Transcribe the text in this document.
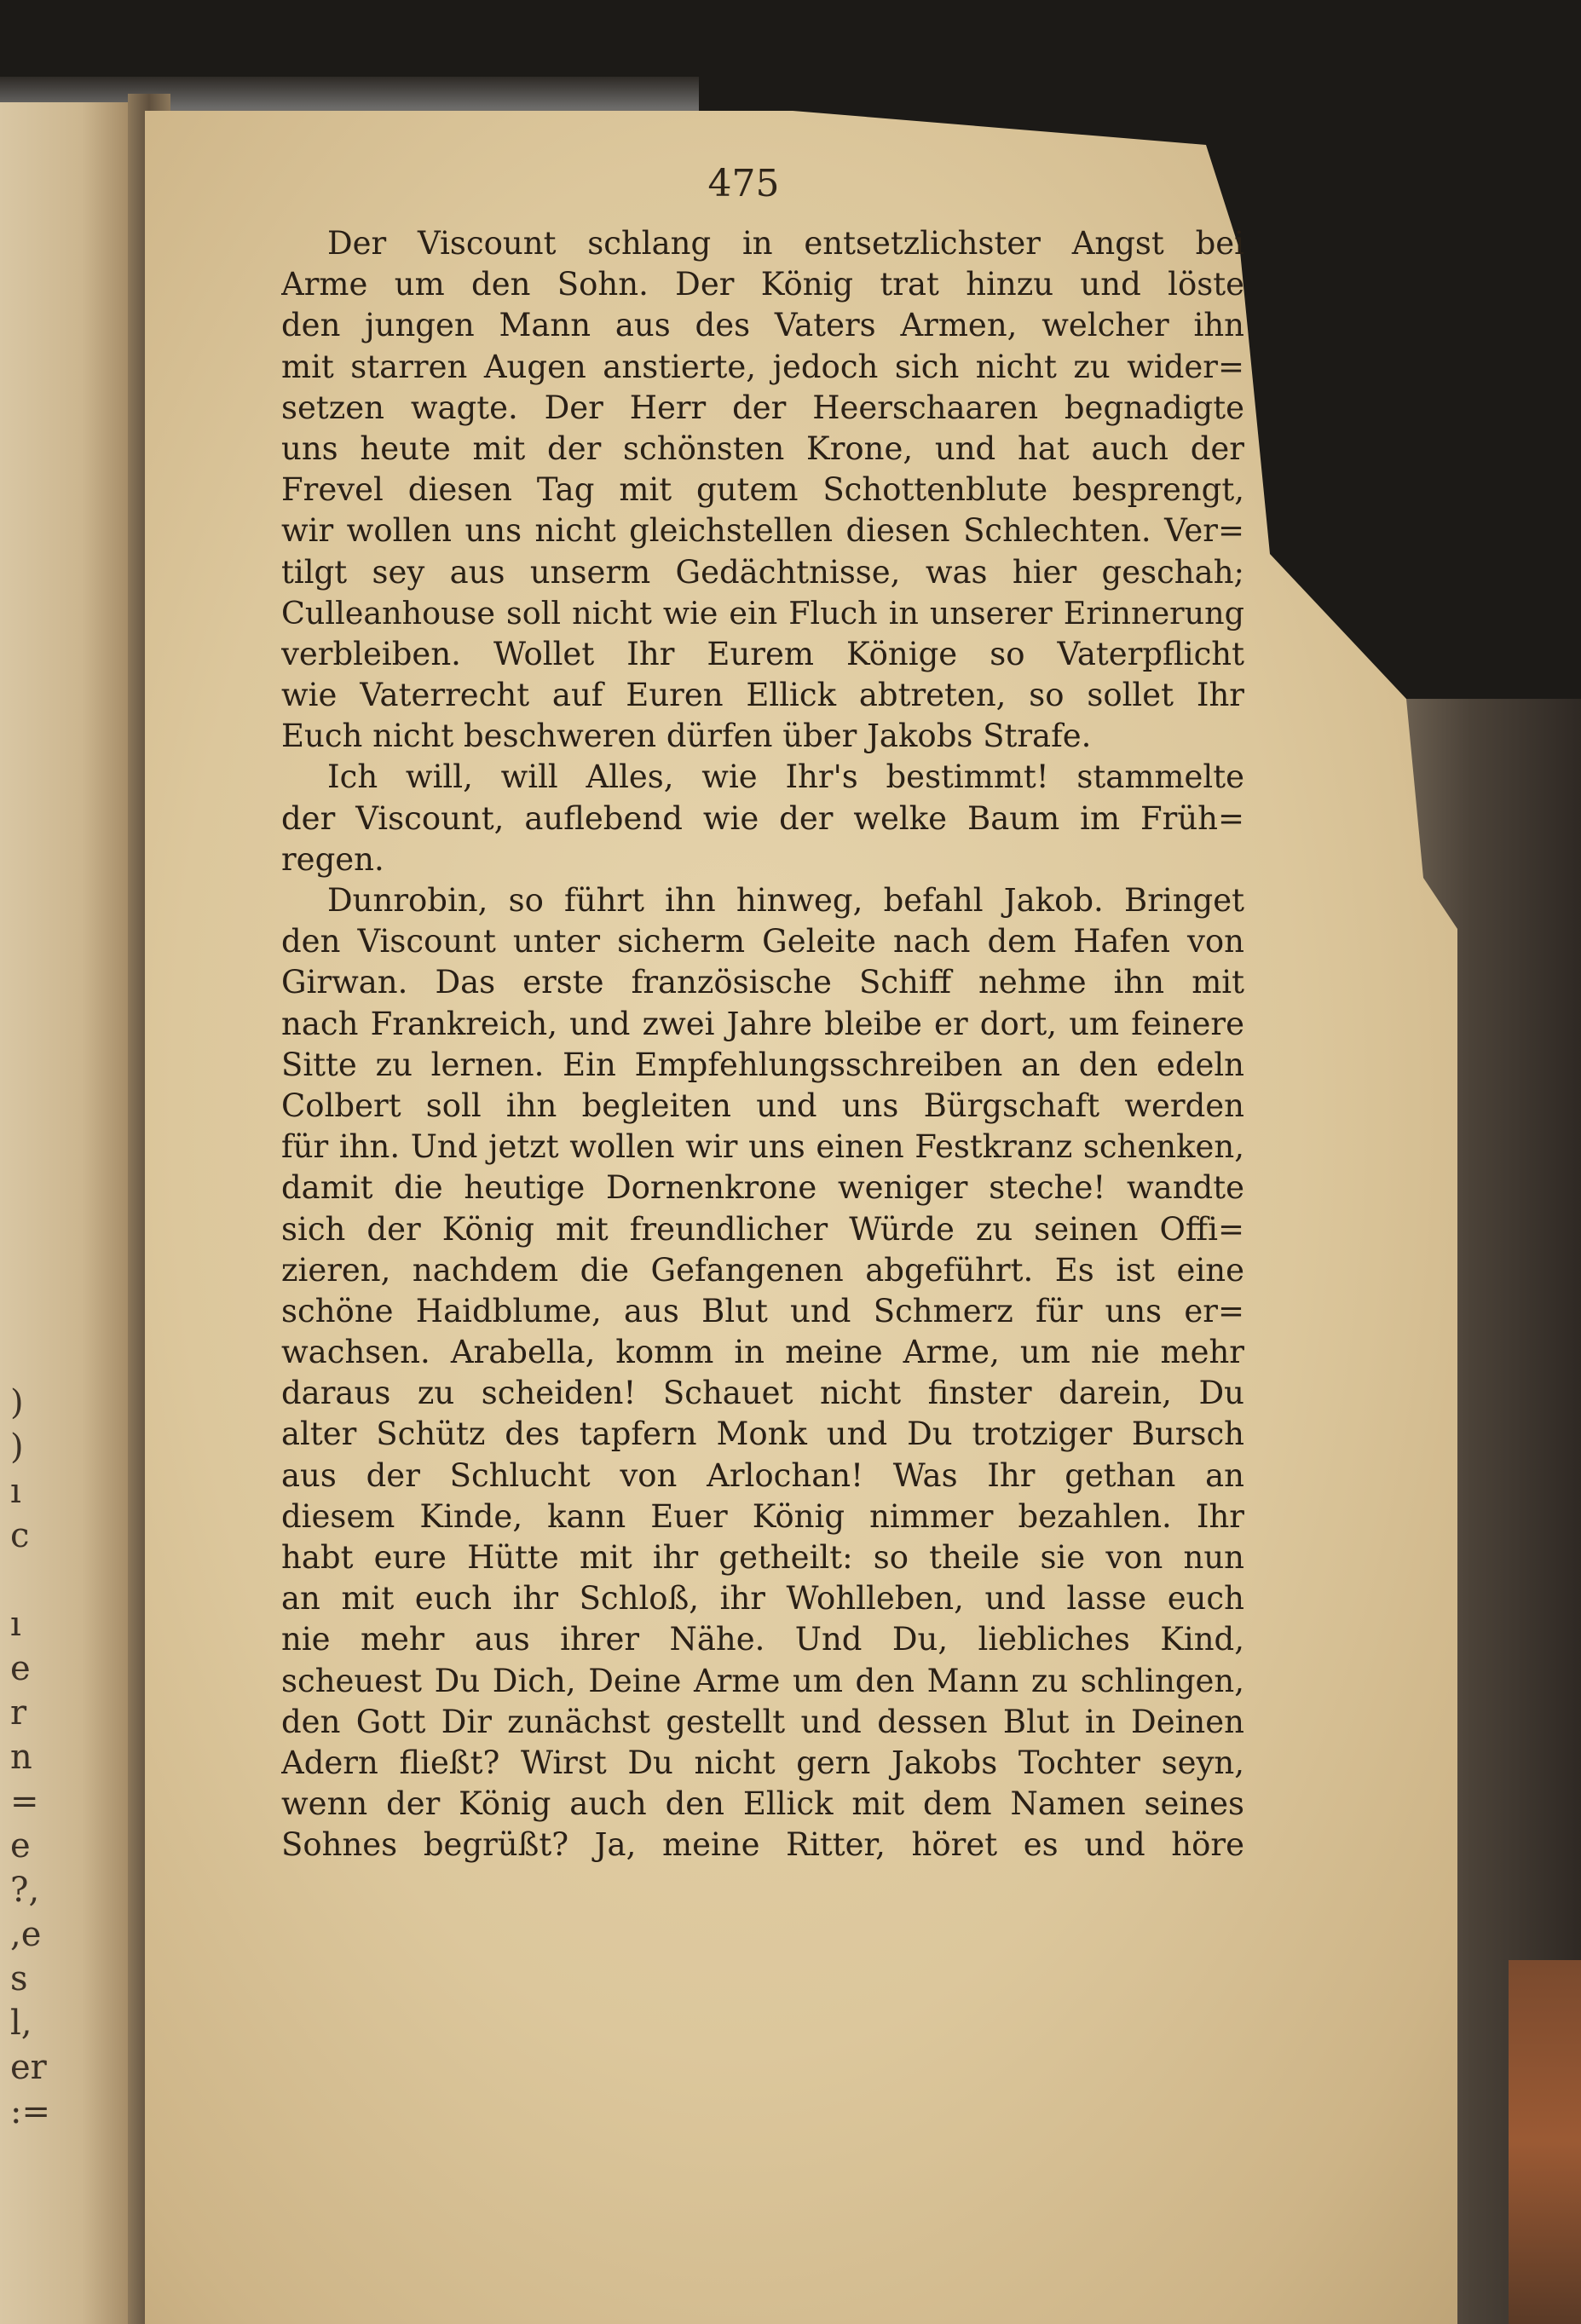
)
)
ı
c

ı
e
r
n
=
e
?,
,e
s
l,
er
:=
475
Der Viscount schlang in entsetzlichster Angst bei
Arme um den Sohn. Der König trat hinzu und löste
den jungen Mann aus des Vaters Armen, welcher ihn
mit starren Augen anstierte, jedoch sich nicht zu wider=
setzen wagte. Der Herr der Heerschaaren begnadigte
uns heute mit der schönsten Krone, und hat auch der
Frevel diesen Tag mit gutem Schottenblute besprengt,
wir wollen uns nicht gleichstellen diesen Schlechten. Ver=
tilgt sey aus unserm Gedächtnisse, was hier geschah;
Culleanhouse soll nicht wie ein Fluch in unserer Erinnerung
verbleiben. Wollet Ihr Eurem Könige so Vaterpflicht
wie Vaterrecht auf Euren Ellick abtreten, so sollet Ihr
Euch nicht beschweren dürfen über Jakobs Strafe.
Ich will, will Alles, wie Ihr's bestimmt! stammelte
der Viscount, auflebend wie der welke Baum im Früh=
regen.
Dunrobin, so führt ihn hinweg, befahl Jakob. Bringet
den Viscount unter sicherm Geleite nach dem Hafen von
Girwan. Das erste französische Schiff nehme ihn mit
nach Frankreich, und zwei Jahre bleibe er dort, um feinere
Sitte zu lernen. Ein Empfehlungsschreiben an den edeln
Colbert soll ihn begleiten und uns Bürgschaft werden
für ihn. Und jetzt wollen wir uns einen Festkranz schenken,
damit die heutige Dornenkrone weniger steche! wandte
sich der König mit freundlicher Würde zu seinen Offi=
zieren, nachdem die Gefangenen abgeführt. Es ist eine
schöne Haidblume, aus Blut und Schmerz für uns er=
wachsen. Arabella, komm in meine Arme, um nie mehr
daraus zu scheiden! Schauet nicht finster darein, Du
alter Schütz des tapfern Monk und Du trotziger Bursch
aus der Schlucht von Arlochan! Was Ihr gethan an
diesem Kinde, kann Euer König nimmer bezahlen. Ihr
habt eure Hütte mit ihr getheilt: so theile sie von nun
an mit euch ihr Schloß, ihr Wohlleben, und lasse euch
nie mehr aus ihrer Nähe. Und Du, liebliches Kind,
scheuest Du Dich, Deine Arme um den Mann zu schlingen,
den Gott Dir zunächst gestellt und dessen Blut in Deinen
Adern fließt? Wirst Du nicht gern Jakobs Tochter seyn,
wenn der König auch den Ellick mit dem Namen seines
Sohnes begrüßt? Ja, meine Ritter, höret es und höre
